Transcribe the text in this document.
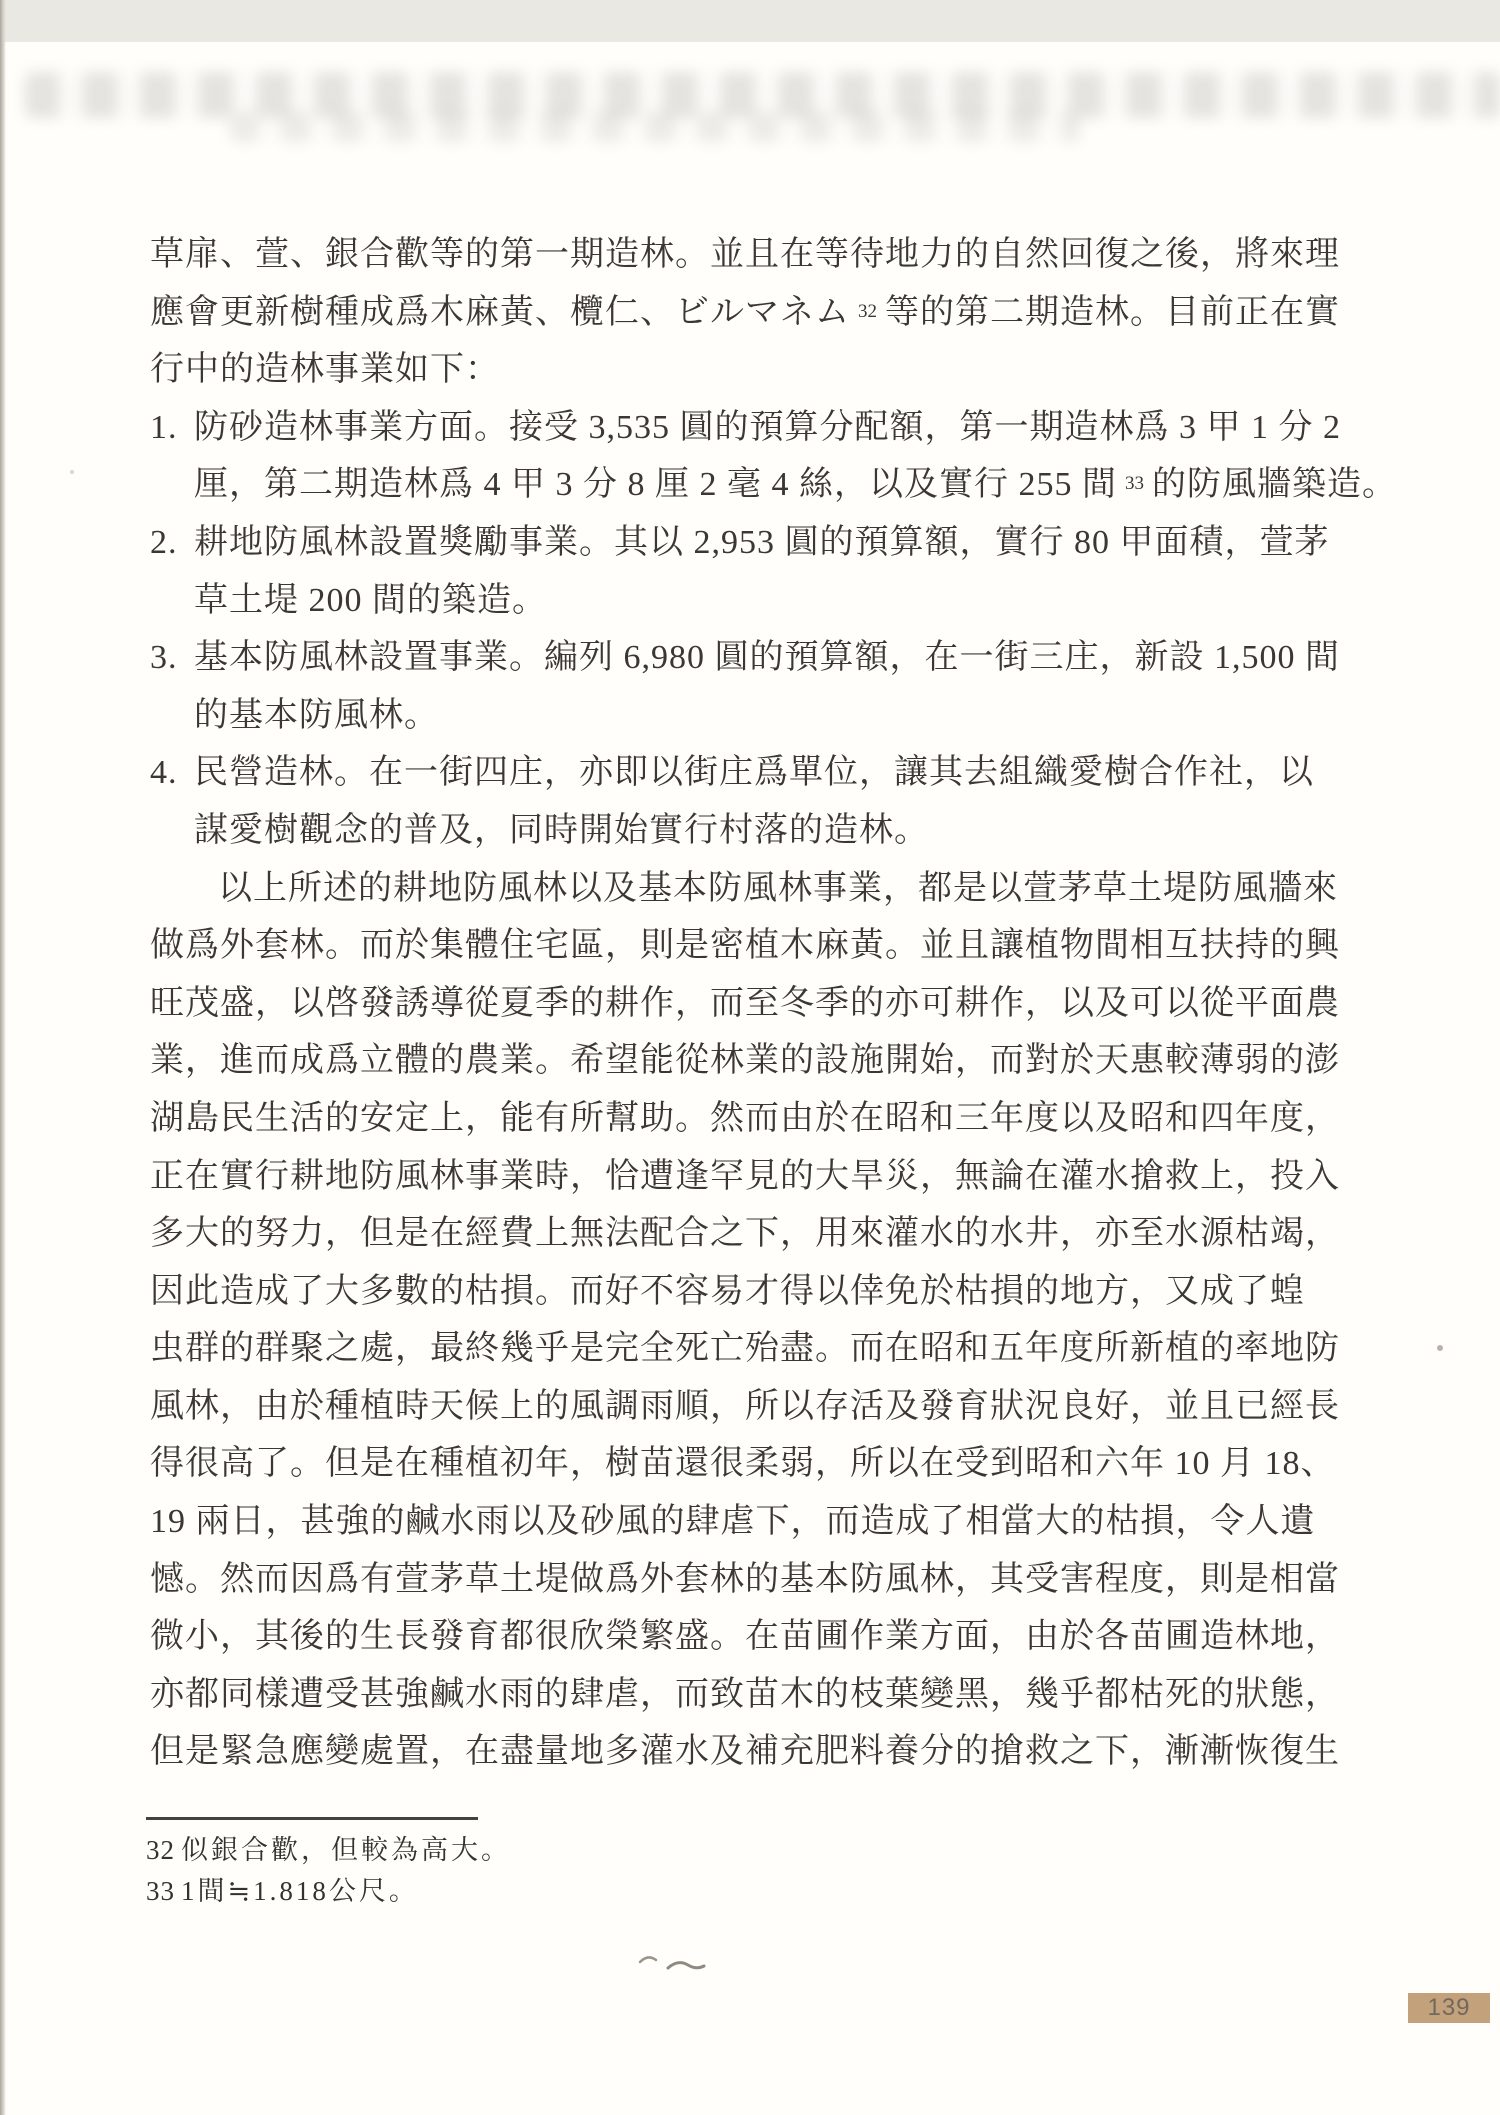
草扉、萱、銀合歡等的第一期造林。並且在等待地力的自然回復之後，將來理
應會更新樹種成爲木麻黃、欖仁、ビルマネム $^{32}$ 等的第二期造林。目前正在實
行中的造林事業如下：
1. 防砂造林事業方面。接受 3,535 圓的預算分配額，第一期造林爲 3 甲 1 分 2
厘，第二期造林爲 4 甲 3 分 8 厘 2 毫 4 絲，以及實行 255 間 $^{33}$ 的防風牆築造。
2. 耕地防風林設置獎勵事業。其以 2,953 圓的預算額，實行 80 甲面積，萱茅
草土堤 200 間的築造。
3. 基本防風林設置事業。編列 6,980 圓的預算額，在一街三庄，新設 1,500 間
的基本防風林。
4. 民營造林。在一街四庄，亦即以街庄爲單位，讓其去組織愛樹合作社，以
謀愛樹觀念的普及，同時開始實行村落的造林。
以上所述的耕地防風林以及基本防風林事業，都是以萱茅草土堤防風牆來
做爲外套林。而於集體住宅區，則是密植木麻黃。並且讓植物間相互扶持的興
旺茂盛，以啓發誘導從夏季的耕作，而至冬季的亦可耕作，以及可以從平面農
業，進而成爲立體的農業。希望能從林業的設施開始，而對於天惠較薄弱的澎
湖島民生活的安定上，能有所幫助。然而由於在昭和三年度以及昭和四年度，
正在實行耕地防風林事業時，恰遭逢罕見的大旱災，無論在灌水搶救上，投入
多大的努力，但是在經費上無法配合之下，用來灌水的水井，亦至水源枯竭，
因此造成了大多數的枯損。而好不容易才得以倖免於枯損的地方，又成了蝗
虫群的群聚之處，最終幾乎是完全死亡殆盡。而在昭和五年度所新植的率地防
風林，由於種植時天候上的風調雨順，所以存活及發育狀況良好，並且已經長
得很高了。但是在種植初年，樹苗還很柔弱，所以在受到昭和六年 10 月 18、
19 兩日，甚強的鹹水雨以及砂風的肆虐下，而造成了相當大的枯損，令人遺
憾。然而因爲有萱茅草土堤做爲外套林的基本防風林，其受害程度，則是相當
微小，其後的生長發育都很欣榮繁盛。在苗圃作業方面，由於各苗圃造林地，
亦都同樣遭受甚強鹹水雨的肆虐，而致苗木的枝葉變黑，幾乎都枯死的狀態，
但是緊急應變處置，在盡量地多灌水及補充肥料養分的搶救之下，漸漸恢復生
32 似銀合歡，但較為高大。
33 1間≒1.818公尺。
139
